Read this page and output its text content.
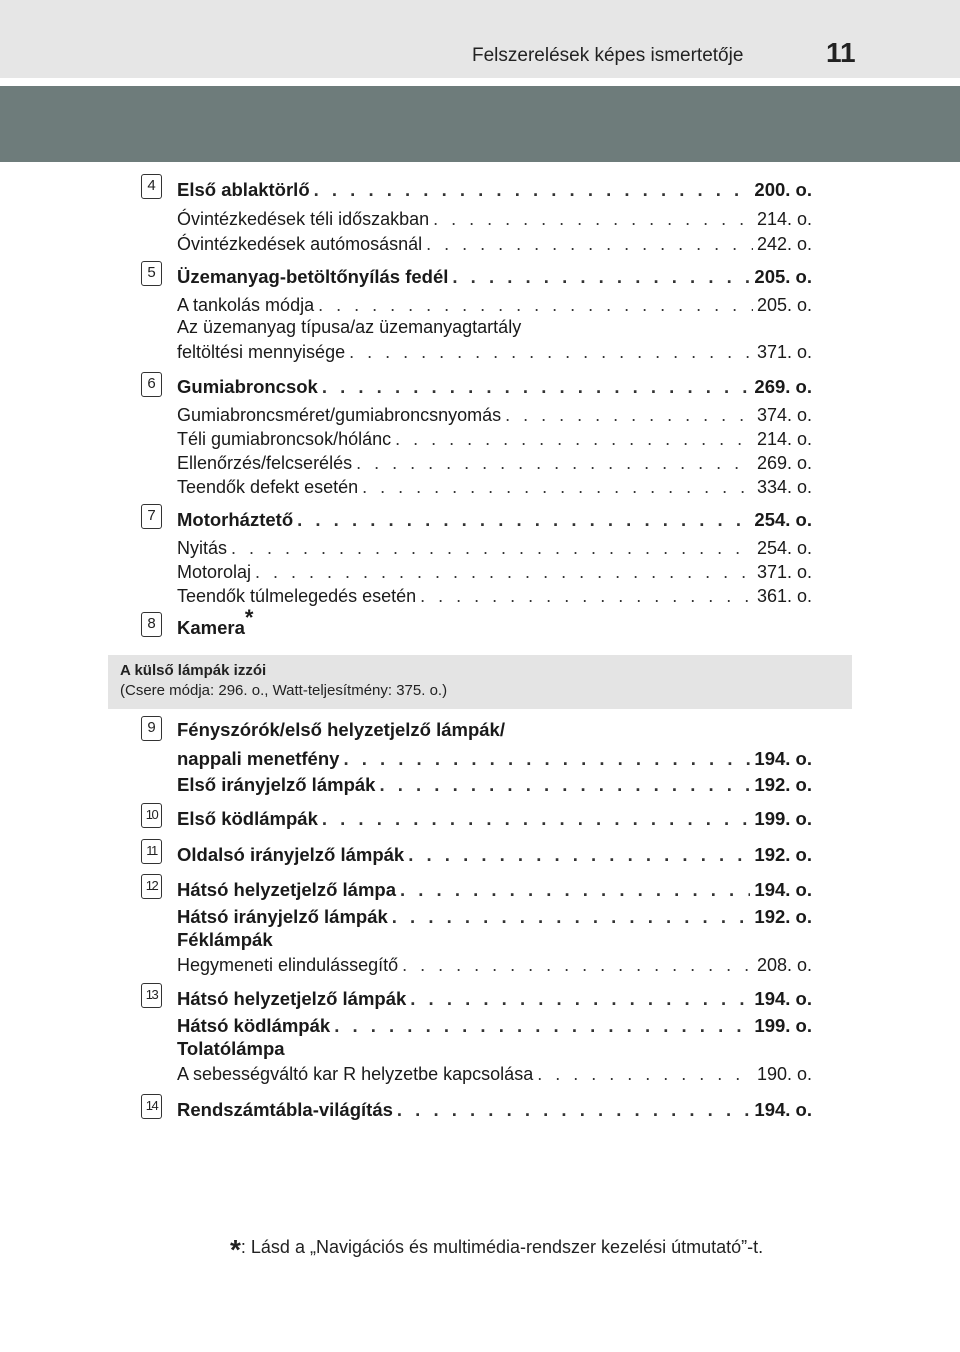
Felszerelések képes ismertetője	11
4	Első ablaktörlő . . .	200. o.
Óvintézkedések téli időszakban . . .	214. o.
Óvintézkedések autómosásnál . . .	242. o.
5	Üzemanyag-betöltőnyílás fedél . . .	205. o.
A tankolás módja . . .	205. o.
Az üzemanyag típusa/az üzemanyagtartály
feltöltési mennyisége . . .	371. o.
6	Gumiabroncsok . . .	269. o.
Gumiabroncsméret/gumiabroncsnyomás . . .	374. o.
Téli gumiabroncsok/hólánc . . .	214. o.
Ellenőrzés/felcserélés . . .	269. o.
Teendők defekt esetén . . .	334. o.
7	Motorháztető . . .	254. o.
Nyitás . . .	254. o.
Motorolaj . . .	371. o.
Teendők túlmelegedés esetén . . .	361. o.
8	Kamera*
A külső lámpák izzói
(Csere módja: 296. o., Watt-teljesítmény: 375. o.)
9	Fényszórók/első helyzetjelző lámpák/
nappali menetfény . . .	194. o.
Első irányjelző lámpák . . .	192. o.
10 Első ködlámpák . . .	199. o.
11 Oldalsó irányjelző lámpák . . .	192. o.
12 Hátsó helyzetjelző lámpa . . .	194. o.
Hátsó irányjelző lámpák . . .	192. o.
Féklámpák
Hegymeneti elindulássegítő . . .	208. o.
13 Hátsó helyzetjelző lámpák . . .	194. o.
Hátsó ködlámpák . . .	199. o.
Tolatólámpa
A sebességváltó kar R helyzetbe kapcsolása . . .	190. o.
14 Rendszámtábla-világítás . . .	194. o.
*: Lásd a „Navigációs és multimédia-rendszer kezelési útmutató”-t.
